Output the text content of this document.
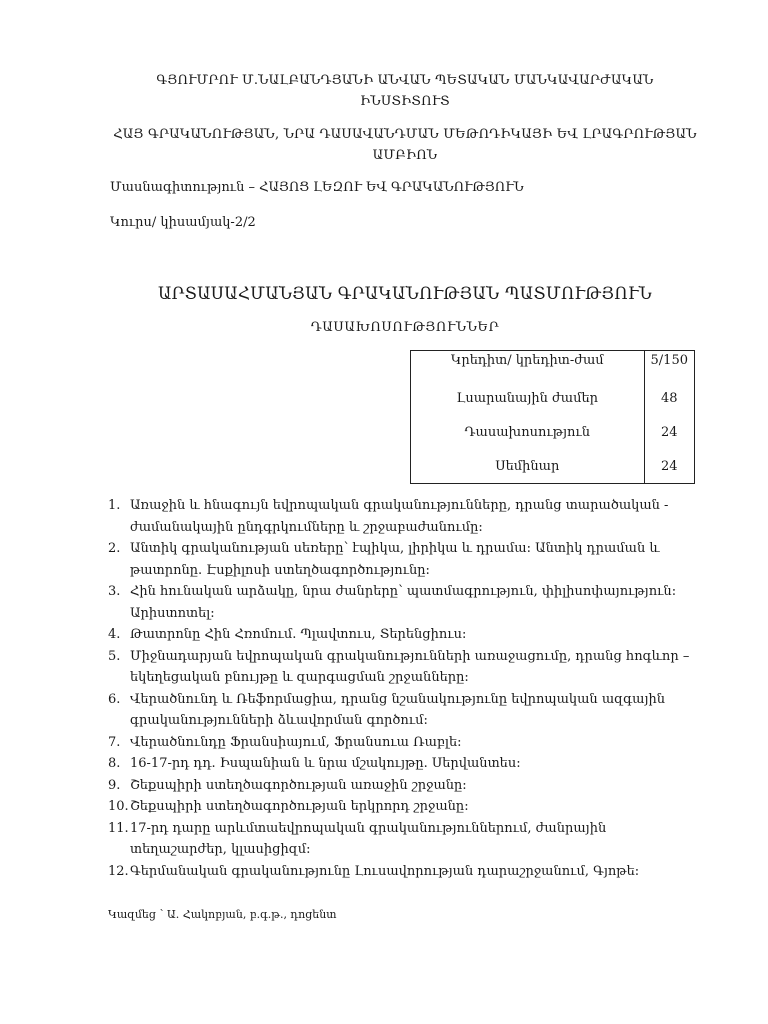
ԳՅՈՒՄՐՈՒ Մ.ՆԱԼԲԱՆԴՅԱՆԻ ԱՆՎԱՆ ՊԵՏԱԿԱՆ ՄԱՆԿԱՎԱՐԺԱԿԱՆ
ԻՆՍՏԻՏՈՒՏ
ՀԱՅ ԳՐԱԿԱՆՈՒԹՅԱՆ, ՆՐԱ ԴԱՍԱՎԱՆԴՄԱՆ ՄԵԹՈԴԻԿԱՅԻ ԵՎ ԼՐԱԳՐՈՒԹՅԱՆ
ԱՄԲԻՈՆ
Մասնագիտություն – ՀԱՅՈՑ ԼԵԶՈՒ ԵՎ ԳՐԱԿԱՆՈՒԹՅՈՒՆ
Կուրս/ կիսամյակ-2/2
ԱՐՏԱՍԱՀՄԱՆՅԱՆ ԳՐԱԿԱՆՈՒԹՅԱՆ ՊԱՏՄՈՒԹՅՈՒՆ
ԴԱՍԱԽՈՍՈՒԹՅՈՒՆՆԵՐ
Կրեդիտ/ կրեդիտ-ժամ	5/150
Լսարանային ժամեր	48
Դասախոսություն	24
Սեմինար	24
1. Առաջին և հնագույն եվրոպական գրականությունները, դրանց տարածական -
ժամանակային ընդգրկումները և շրջաբաժանումը:
2. Անտիկ գրականության սեռերը՝ էպիկա, լիրիկա և դրամա: Անտիկ դրաման և
թատրոնը. Էսքիլոսի ստեղծագործությունը:
3. Հին հունական արձակը, նրա ժանրերը՝ պատմագրություն, փիլիսոփայություն:
Արիստոտել:
4. Թատրոնը Հին Հռոմում. Պլավտուս, Տերենցիուս:
5. Միջնադարյան եվրոպական գրականությունների առաջացումը, դրանց հոգևոր –
եկեղեցական բնույթը և զարգացման շրջանները:
6. Վերածնունդ և Ռեֆորմացիա, դրանց նշանակությունը եվրոպական ազգային
գրականությունների ձևավորման գործում:
7. Վերածնունդը Ֆրանսիայում, Ֆրանսուա Ռաբլե:
8. 16-17-րդ դդ. Իսպանիան և նրա մշակույթը. Սերվանտես:
9. Շեքսպիրի ստեղծագործության առաջին շրջանը:
10. Շեքսպիրի ստեղծագործության երկրորդ շրջանը:
11. 17-րդ դարը արևմտաեվրոպական գրականություններում, ժանրային
տեղաշարժեր, կլասիցիզմ:
12. Գերմանական գրականությունը Լուսավորության դարաշրջանում, Գյոթե:
Կազմեց ՝ Ա. Հակոբյան, բ.գ.թ., դոցենտ
